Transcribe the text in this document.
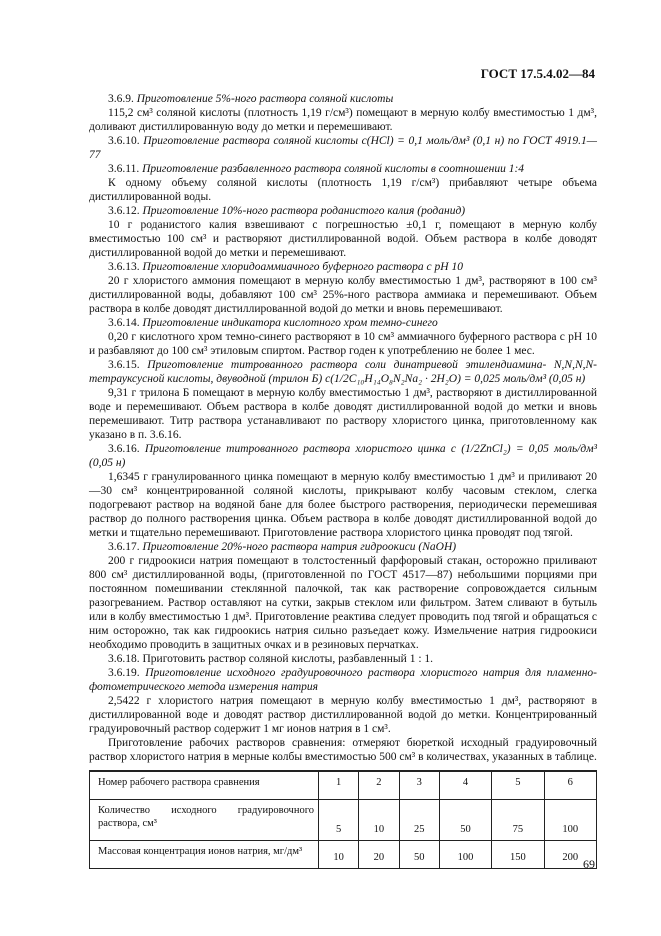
ГОСТ 17.5.4.02—84

3.6.9. Приготовление 5%-ного раствора соляной кислоты

115,2 см³ соляной кислоты (плотность 1,19 г/см³) помещают в мерную колбу вместимостью 1 дм³, доливают дистиллированную воду до метки и перемешивают.

3.6.10. Приготовление раствора соляной кислоты c(HCl) = 0,1 моль/дм³ (0,1 н) по ГОСТ 4919.1—77

3.6.11. Приготовление разбавленного раствора соляной кислоты в соотношении 1:4

К одному объему соляной кислоты (плотность 1,19 г/см³) прибавляют четыре объема дистиллированной воды.

3.6.12. Приготовление 10%-ного раствора роданистого калия (роданид)

10 г роданистого калия взвешивают с погрешностью ±0,1 г, помещают в мерную колбу вместимостью 100 см³ и растворяют дистиллированной водой. Объем раствора в колбе доводят дистиллированной водой до метки и перемешивают.

3.6.13. Приготовление хлоридоаммиачного буферного раствора с pH 10

20 г хлористого аммония помещают в мерную колбу вместимостью 1 дм³, растворяют в 100 см³ дистиллированной воды, добавляют 100 см³ 25%-ного раствора аммиака и перемешивают. Объем раствора в колбе доводят дистиллированной водой до метки и вновь перемешивают.

3.6.14. Приготовление индикатора кислотного хром темно-синего

0,20 г кислотного хром темно-синего растворяют в 10 см³ аммиачного буферного раствора с pH 10 и разбавляют до 100 см³ этиловым спиртом. Раствор годен к употреблению не более 1 мес.

3.6.15. Приготовление титрованного раствора соли динатриевой этилендиамина- N,N,N,N-тетрауксусной кислоты, двуводной (трилон Б) c(1/2C₁₀H₁₄O₈N₂Na₂ · 2H₂O) = 0,025 моль/дм³ (0,05 н)

9,31 г трилона Б помещают в мерную колбу вместимостью 1 дм³, растворяют в дистиллированной воде и перемешивают. Объем раствора в колбе доводят дистиллированной водой до метки и вновь перемешивают. Титр раствора устанавливают по раствору хлористого цинка, приготовленному как указано в п. 3.6.16.

3.6.16. Приготовление титрованного раствора хлористого цинка с (1/2ZnCl₂) = 0,05 моль/дм³ (0,05 н)

1,6345 г гранулированного цинка помещают в мерную колбу вместимостью 1 дм³ и приливают 20—30 см³ концентрированной соляной кислоты, прикрывают колбу часовым стеклом, слегка подогревают раствор на водяной бане для более быстрого растворения, периодически перемешивая раствор до полного растворения цинка. Объем раствора в колбе доводят дистиллированной водой до метки и тщательно перемешивают. Приготовление раствора хлористого цинка проводят под тягой.

3.6.17. Приготовление 20%-ного раствора натрия гидроокиси (NaOH)

200 г гидроокиси натрия помещают в толстостенный фарфоровый стакан, осторожно приливают 800 см³ дистиллированной воды, (приготовленной по ГОСТ 4517—87) небольшими порциями при постоянном помешивании стеклянной палочкой, так как растворение сопровождается сильным разогреванием. Раствор оставляют на сутки, закрыв стеклом или фильтром. Затем сливают в бутыль или в колбу вместимостью 1 дм³. Приготовление реактива следует проводить под тягой и обращаться с ним осторожно, так как гидроокись натрия сильно разъедает кожу. Измельчение натрия гидроокиси необходимо проводить в защитных очках и в резиновых перчатках.

3.6.18. Приготовить раствор соляной кислоты, разбавленный 1 : 1.

3.6.19. Приготовление исходного градуировочного раствора хлористого натрия для пламенно-фотометрического метода измерения натрия

2,5422 г хлористого натрия помещают в мерную колбу вместимостью 1 дм³, растворяют в дистиллированной воде и доводят раствор дистиллированной водой до метки. Концентрированный градуировочный раствор содержит 1 мг ионов натрия в 1 см³.

Приготовление рабочих растворов сравнения: отмеряют бюреткой исходный градуировочный раствор хлористого натрия в мерные колбы вместимостью 500 см³ в количествах, указанных в таблице.

Номер рабочего раствора сравнения	1	2	3	4	5	6
Количество исходного градуировочного раствора, см³	5	10	25	50	75	100
Массовая концентрация ионов натрия, мг/дм³	10	20	50	100	150	200 69
